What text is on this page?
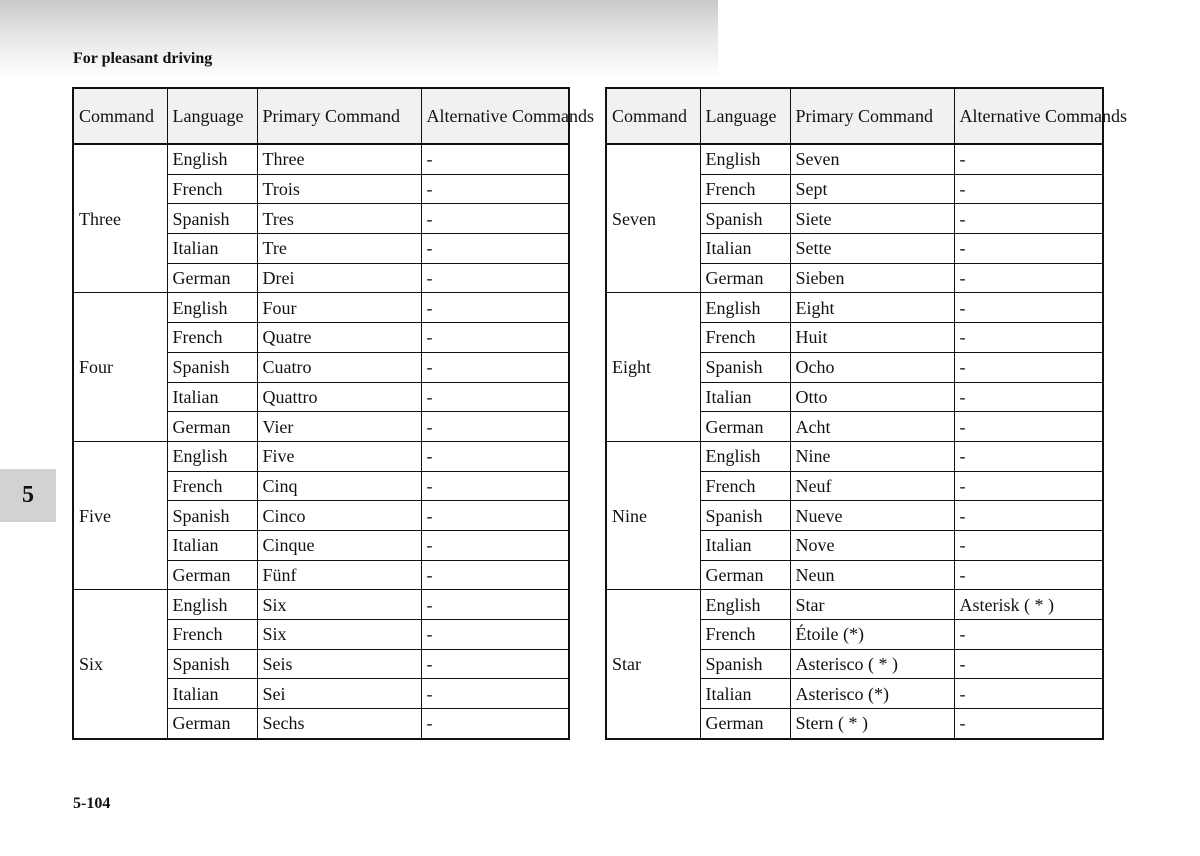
For pleasant driving
5
5-104
Command	Language	Primary Command	Alternative Commands
Three	English	Three	-
	French	Trois	-
	Spanish	Tres	-
	Italian	Tre	-
	German	Drei	-
Four	English	Four	-
	French	Quatre	-
	Spanish	Cuatro	-
	Italian	Quattro	-
	German	Vier	-
Five	English	Five	-
	French	Cinq	-
	Spanish	Cinco	-
	Italian	Cinque	-
	German	Fünf	-
Six	English	Six	-
	French	Six	-
	Spanish	Seis	-
	Italian	Sei	-
	German	Sechs	-
Command	Language	Primary Command	Alternative Commands
Seven	English	Seven	-
	French	Sept	-
	Spanish	Siete	-
	Italian	Sette	-
	German	Sieben	-
Eight	English	Eight	-
	French	Huit	-
	Spanish	Ocho	-
	Italian	Otto	-
	German	Acht	-
Nine	English	Nine	-
	French	Neuf	-
	Spanish	Nueve	-
	Italian	Nove	-
	German	Neun	-
Star	English	Star	Asterisk ( * )
	French	Étoile (*)	-
	Spanish	Asterisco ( * )	-
	Italian	Asterisco (*)	-
	German	Stern ( * )	-
